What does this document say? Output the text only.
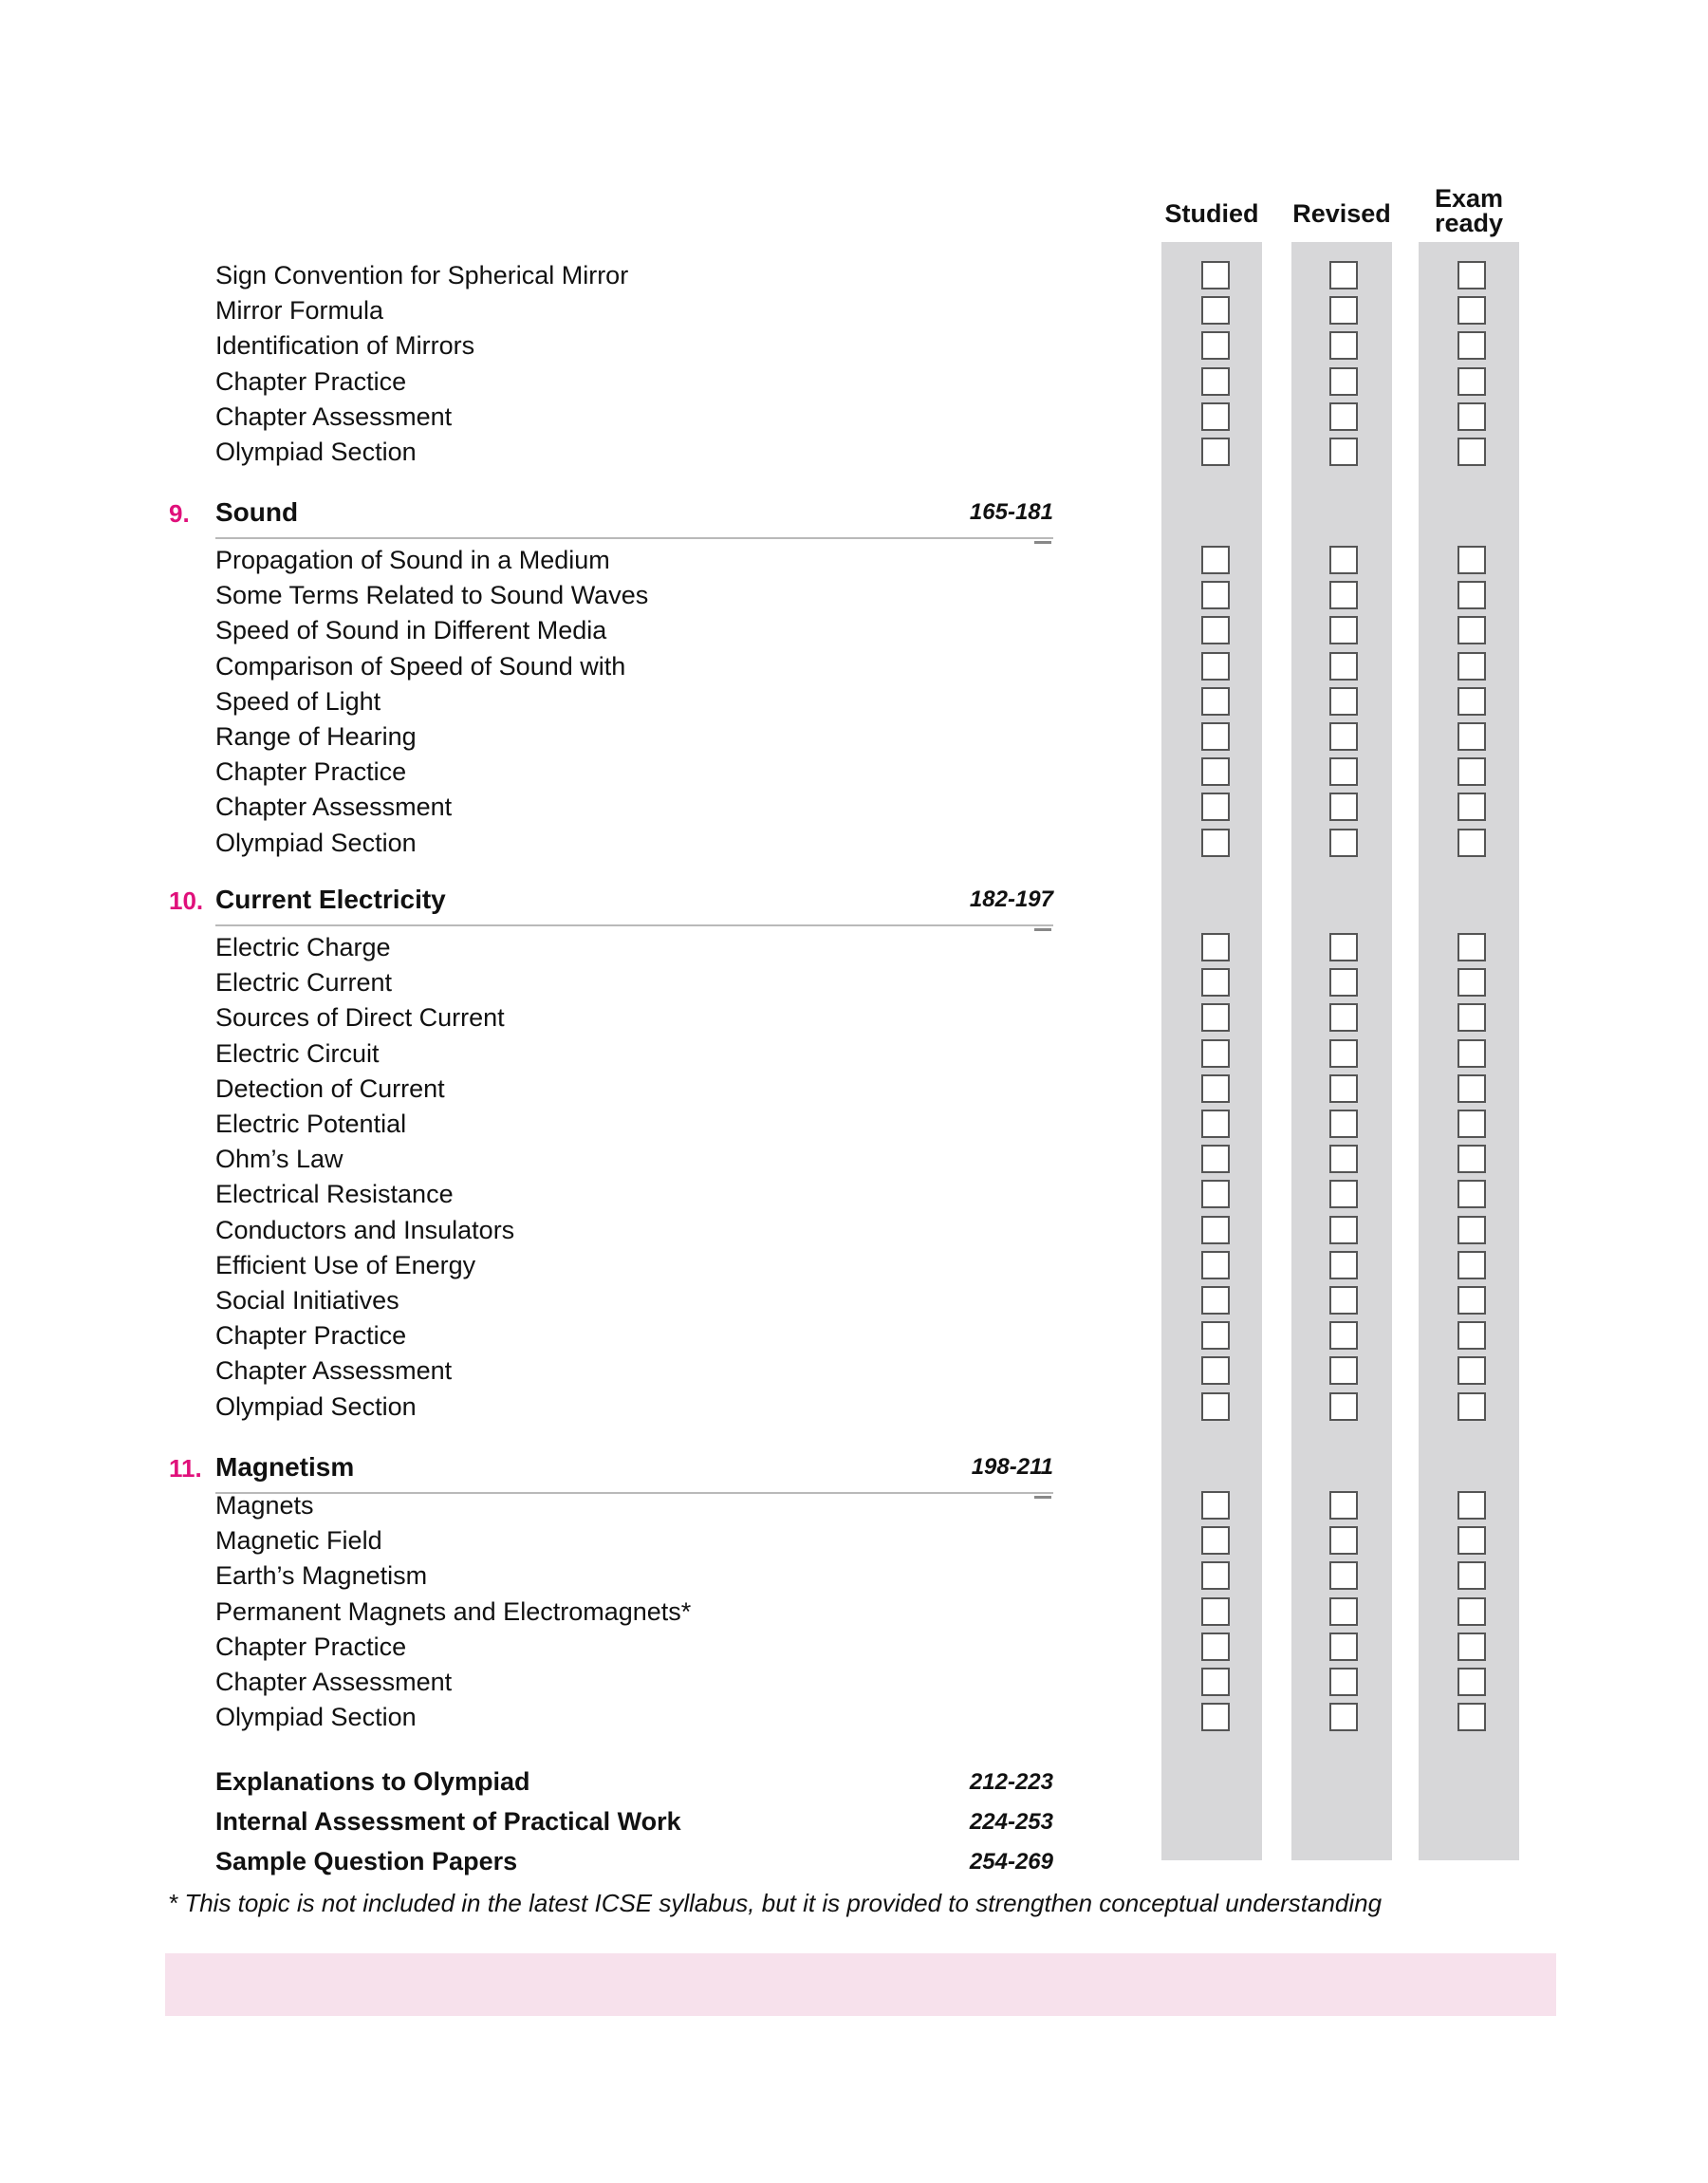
Studied	Revised
Exam
ready
Sign Convention for Spherical Mirror
Mirror Formula
Identification of Mirrors
Chapter Practice
Chapter Assessment
Olympiad Section
9. Sound	165-181
Propagation of Sound in a Medium
Some Terms Related to Sound Waves
Speed of Sound in Different Media
Comparison of Speed of Sound with
Speed of Light
Range of Hearing
Chapter Practice
Chapter Assessment
Olympiad Section
10. Current Electricity	182-197
Electric Charge
Electric Current
Sources of Direct Current
Electric Circuit
Detection of Current
Electric Potential
Ohm’s Law
Electrical Resistance
Conductors and Insulators
Efficient Use of Energy
Social Initiatives
Chapter Practice
Chapter Assessment
Olympiad Section
11. Magnetism	198-211
Magnets
Magnetic Field
Earth’s Magnetism
Permanent Magnets and Electromagnets*
Chapter Practice
Chapter Assessment
Olympiad Section
Explanations to Olympiad	212-223
Internal Assessment of Practical Work	224-253
Sample Question Papers	254-269
* This topic is not included in the latest ICSE syllabus, but it is provided to strengthen conceptual understanding
